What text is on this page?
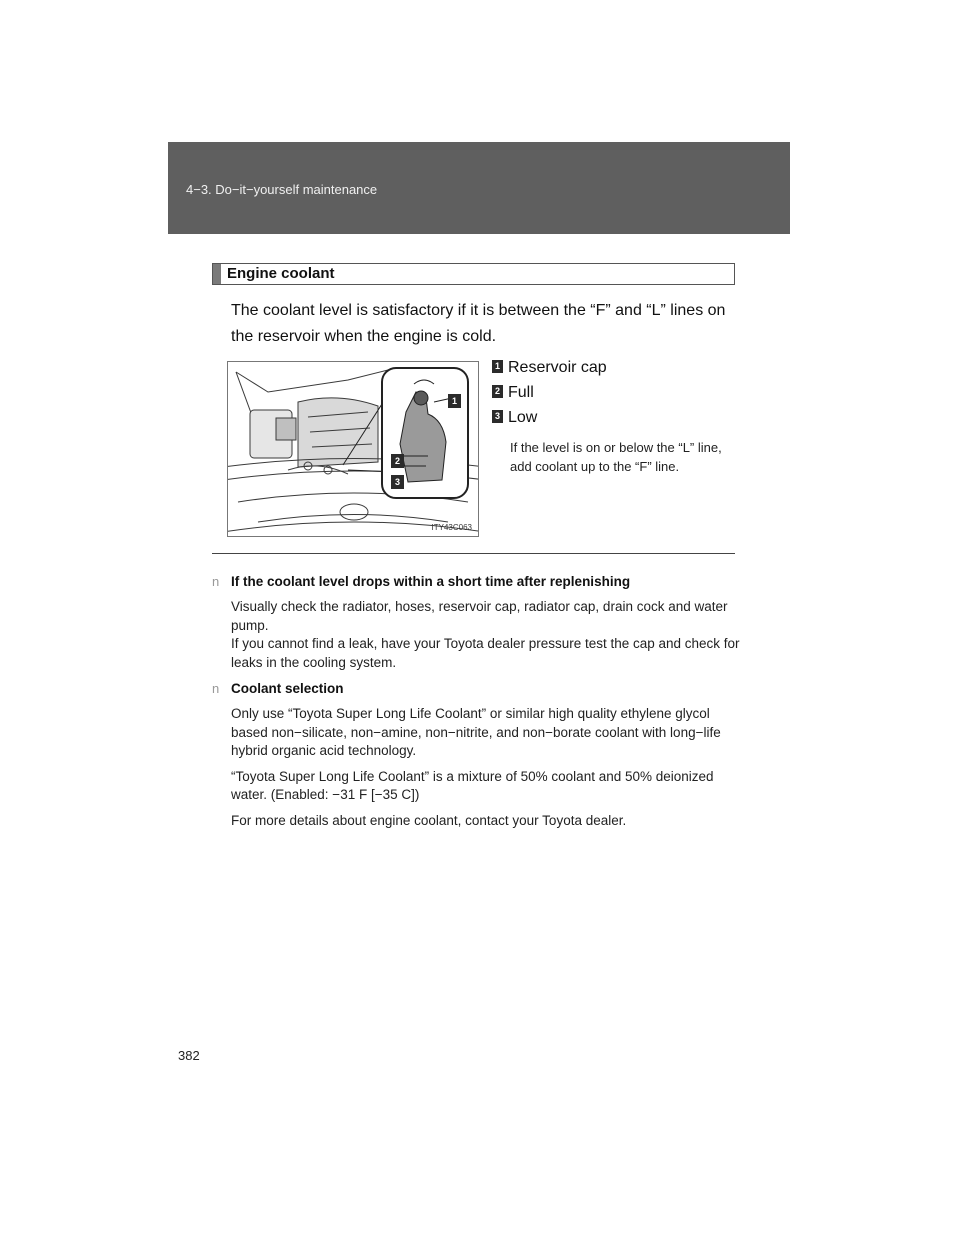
4−3. Do−it−yourself maintenance
Engine coolant
The coolant level is satisfactory if it is between the “F” and “L” lines on the reservoir when the engine is cold.
1
2
3
ITY43C063
1 Reservoir cap
2 Full
3 Low
If the level is on or below the “L” line, add coolant up to the “F” line.
n If the coolant level drops within a short time after replenishing
Visually check the radiator, hoses, reservoir cap, radiator cap, drain cock and water pump.
If you cannot find a leak, have your Toyota dealer pressure test the cap and check for leaks in the cooling system.
n Coolant selection
Only use “Toyota Super Long Life Coolant” or similar high quality ethylene glycol based non−silicate, non−amine, non−nitrite, and non−borate coolant with long−life hybrid organic acid technology.
“Toyota Super Long Life Coolant” is a mixture of 50% coolant and 50% deionized water. (Enabled: −31 F [−35 C])
For more details about engine coolant, contact your Toyota dealer.
382
